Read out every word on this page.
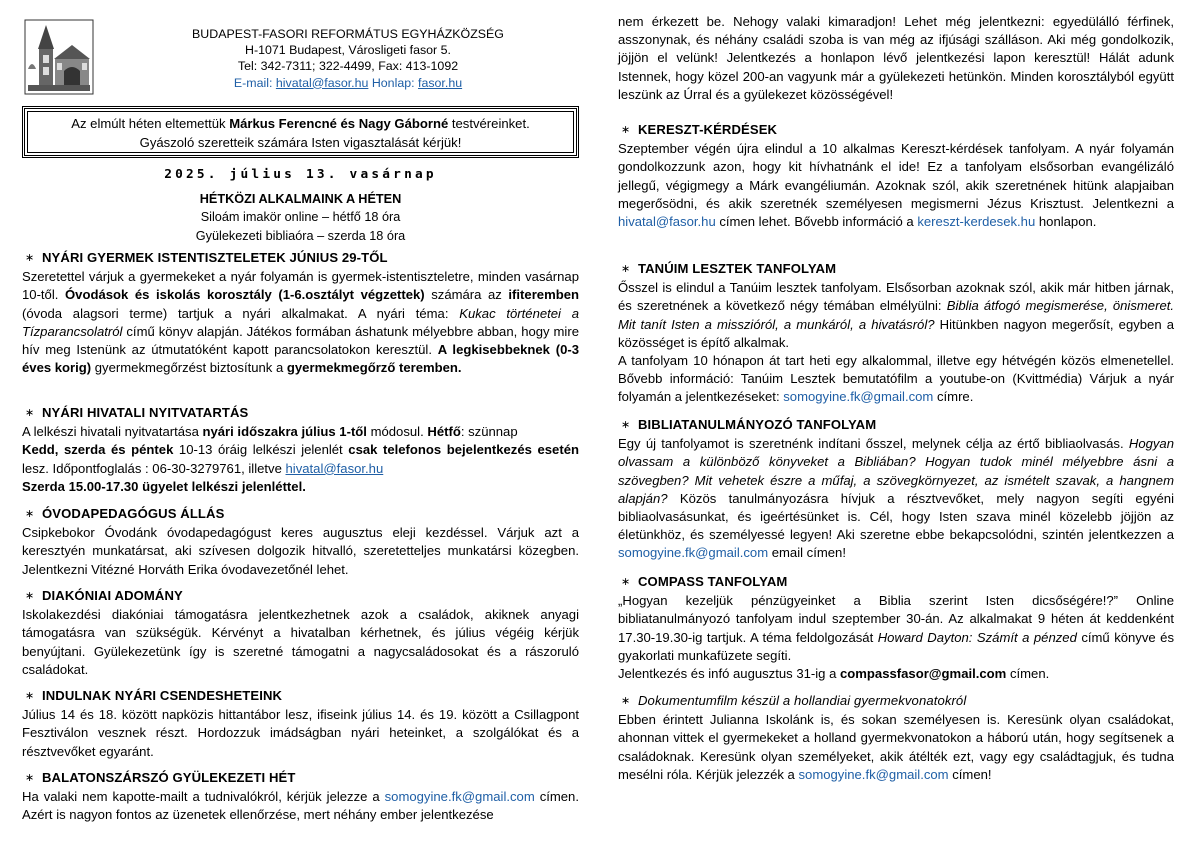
BUDAPEST-FASORI REFORMÁTUS EGYHÁZKÖZSÉG
H-1071 Budapest, Városligeti fasor 5.
Tel: 342-7311; 322-4499, Fax: 413-1092
E-mail: hivatal@fasor.hu Honlap: fasor.hu
Az elmúlt héten eltemettük Márkus Ferencné és Nagy Gáborné testvéreinket.
Gyászoló szeretteik számára Isten vigasztalását kérjük!
2025. július 13. vasárnap
HÉTKÖZI ALKALMAINK A HÉTEN
Siloám imakör online – hétfő 18 óra
Gyülekezeti bibliaóra – szerda 18 óra
∗ NYÁRI GYERMEK ISTENTISZTELETEK JÚNIUS 29-TŐL

Szeretettel várjuk a gyermekeket a nyár folyamán is gyermek-istentiszteletre, minden vasárnap 10-től. Óvodások és iskolás korosztály (1-6.osztályt végzettek) számára az ifiteremben (óvoda alagsori terme) tartjuk a nyári alkalmakat. A nyári téma: Kukac történetei a Tízparancsolatról című könyv alapján. Játékos formában áshatunk mélyebbre abban, hogy mire hív meg Istenünk az útmutatóként kapott parancsolatokon keresztül. A legkisebbeknek (0-3 éves korig) gyermekmegőrzést biztosítunk a gyermekmegőrző teremben.

∗ NYÁRI HIVATALI NYITVATARTÁS

A lelkészi hivatali nyitvatartása nyári időszakra július 1-től módosul. Hétfő: szünnap
Kedd, szerda és péntek 10-13 óráig lelkészi jelenlét csak telefonos bejelentkezés esetén lesz. Időpontfoglalás : 06-30-3279761, illetve hivatal@fasor.hu
Szerda 15.00-17.30 ügyelet lelkészi jelenléttel.

∗ ÓVODAPEDAGÓGUS ÁLLÁS

Csipkebokor Óvodánk óvodapedagógust keres augusztus eleji kezdéssel. Várjuk azt a keresztyén munkatársat, aki szívesen dolgozik hitvalló, szeretetteljes munkatársi közegben. Jelentkezni Vitézné Horváth Erika óvodavezetőnél lehet.

∗ DIAKÓNIAI ADOMÁNY

Iskolakezdési diakóniai támogatásra jelentkezhetnek azok a családok, akiknek anyagi támogatásra van szükségük. Kérvényt a hivatalban kérhetnek, és július végéig kérjük benyújtani. Gyülekezetünk így is szeretné támogatni a nagycsaládosokat és a rászoruló családokat.

∗ INDULNAK NYÁRI CSENDESHETEINK

Július 14 és 18. között napközis hittantábor lesz, ifiseink július 14. és 19. között a Csillagpont Fesztiválon vesznek részt. Hordozzuk imádságban nyári heteinket, a szolgálókat és a résztvevőket egyaránt.

∗ BALATONSZÁRSZÓ GYÜLEKEZETI HÉT

Ha valaki nem kapotte-mailt a tudnivalókról, kérjük jelezze a somogyine.fk@gmail.com címen. Azért is nagyon fontos az üzenetek ellenőrzése, mert néhány ember jelentkezése

nem érkezett be. Nehogy valaki kimaradjon! Lehet még jelentkezni: egyedülálló férfinek, asszonynak, és néhány családi szoba is van még az ifjúsági szálláson. Aki még gondolkozik, jöjjön el velünk! Jelentkezés a honlapon lévő jelentkezési lapon keresztül! Hálát adunk Istennek, hogy közel 200-an vagyunk már a gyülekezeti hetünkön. Minden korosztályból együtt leszünk az Úrral és a gyülekezet közösségével!

∗ KERESZT-KÉRDÉSEK

Szeptember végén újra elindul a 10 alkalmas Kereszt-kérdések tanfolyam. A nyár folyamán gondolkozzunk azon, hogy kit hívhatnánk el ide! Ez a tanfolyam elsősorban evangélizáló jellegű, végigmegy a Márk evangéliumán. Azoknak szól, akik szeretnének hitünk alapjaiban megerősödni, és akik szeretnék személyesen megismerni Jézus Krisztust. Jelentkezni a hivatal@fasor.hu címen lehet. Bővebb információ a kereszt-kerdesek.hu honlapon.

∗ TANÚIM LESZTEK TANFOLYAM

Ősszel is elindul a Tanúim lesztek tanfolyam. Elsősorban azoknak szól, akik már hitben járnak, és szeretnének a következő négy témában elmélyülni: Biblia átfogó megismerése, önismeret. Mit tanít Isten a misszióról, a munkáról, a hivatásról? Hitünkben nagyon megerősít, egyben a közösséget is építő alkalmak.

A tanfolyam 10 hónapon át tart heti egy alkalommal, illetve egy hétvégén közös elmenetellel. Bővebb információ: Tanúim Lesztek bemutatófilm a youtube-on (Kvittmédia) Várjuk a nyár folyamán a jelentkezéseket: somogyine.fk@gmail.com címre.

∗ BIBLIATANULMÁNYOZÓ TANFOLYAM

Egy új tanfolyamot is szeretnénk indítani ősszel, melynek célja az értő bibliaolvasás. Hogyan olvassam a különböző könyveket a Bibliában? Hogyan tudok minél mélyebbre ásni a szövegben? Mit vehetek észre a műfaj, a szövegkörnyezet, az ismételt szavak, a hangnem alapján? Közös tanulmányozásra hívjuk a résztvevőket, mely nagyon segíti egyéni bibliaolvasásunkat, és igeértésünket is. Cél, hogy Isten szava minél közelebb jöjjön az életünkhöz, és személyessé legyen! Aki szeretne ebbe bekapcsolódni, szintén jelentkezzen a somogyine.fk@gmail.com email címen!

∗ COMPASS TANFOLYAM

„Hogyan kezeljük pénzügyeinket a Biblia szerint Isten dicsőségére!?” Online bibliatanulmányozó tanfolyam indul szeptember 30-án. Az alkalmakat 9 héten át keddenként 17.30-19.30-ig tartjuk. A téma feldolgozását Howard Dayton: Számít a pénzed című könyve és gyakorlati munkafüzete segíti.

Jelentkezés és infó augusztus 31-ig a compassfasor@gmail.com címen.

∗ Dokumentumfilm készül a hollandiai gyermekvonatokról

Ebben érintett Julianna Iskolánk is, és sokan személyesen is. Keresünk olyan családokat, ahonnan vittek el gyermekeket a holland gyermekvonatokon a háború után, hogy segítsenek a családoknak. Keresünk olyan személyeket, akik átélték ezt, vagy egy családtagjuk, és tudna mesélni róla. Kérjük jelezzék a somogyine.fk@gmail.com címen!
